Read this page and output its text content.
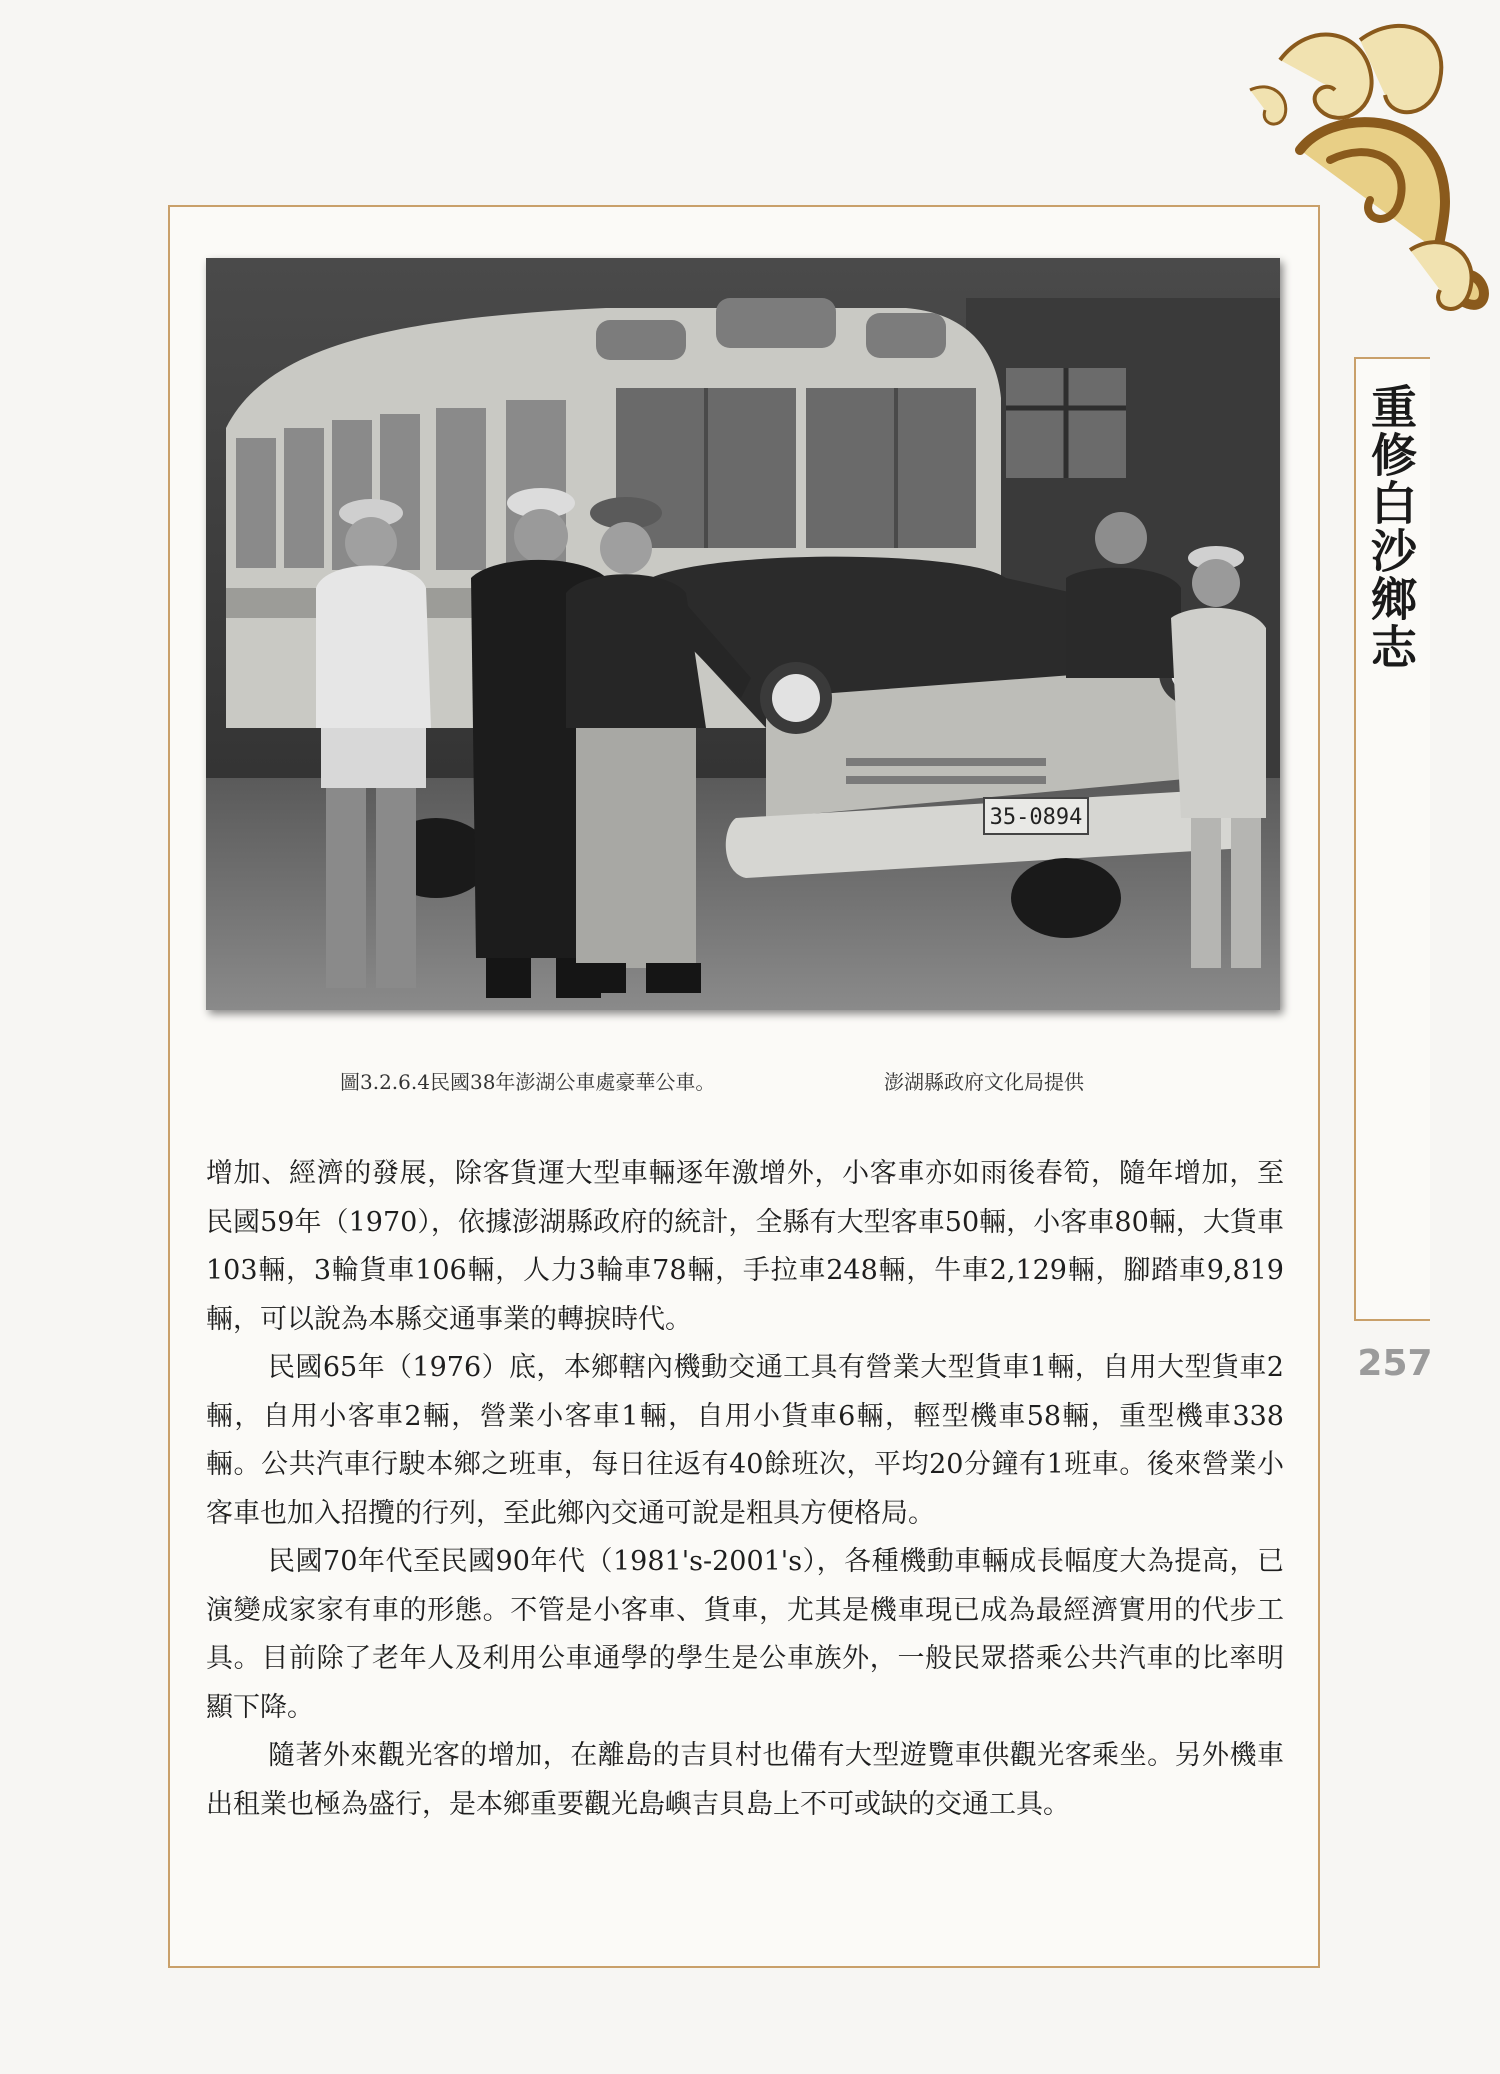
重修白沙鄉志
257
35-0894
圖3.2.6.4民國38年澎湖公車處豪華公車。	澎湖縣政府文化局提供

增加、經濟的發展，除客貨運大型車輛逐年激增外，小客車亦如雨後春筍，隨年增加，至民國59年（1970），依據澎湖縣政府的統計，全縣有大型客車50輛，小客車80輛，大貨車103輛，3輪貨車106輛，人力3輪車78輛，手拉車248輛，牛車2,129輛，腳踏車9,819輛，可以說為本縣交通事業的轉捩時代。

民國65年（1976）底，本鄉轄內機動交通工具有營業大型貨車1輛，自用大型貨車2輛，自用小客車2輛，營業小客車1輛，自用小貨車6輛，輕型機車58輛，重型機車338輛。公共汽車行駛本鄉之班車，每日往返有40餘班次，平均20分鐘有1班車。後來營業小客車也加入招攬的行列，至此鄉內交通可說是粗具方便格局。

民國70年代至民國90年代（1981's-2001's），各種機動車輛成長幅度大為提高，已演變成家家有車的形態。不管是小客車、貨車，尤其是機車現已成為最經濟實用的代步工具。目前除了老年人及利用公車通學的學生是公車族外，一般民眾搭乘公共汽車的比率明顯下降。

隨著外來觀光客的增加，在離島的吉貝村也備有大型遊覽車供觀光客乘坐。另外機車出租業也極為盛行，是本鄉重要觀光島嶼吉貝島上不可或缺的交通工具。
